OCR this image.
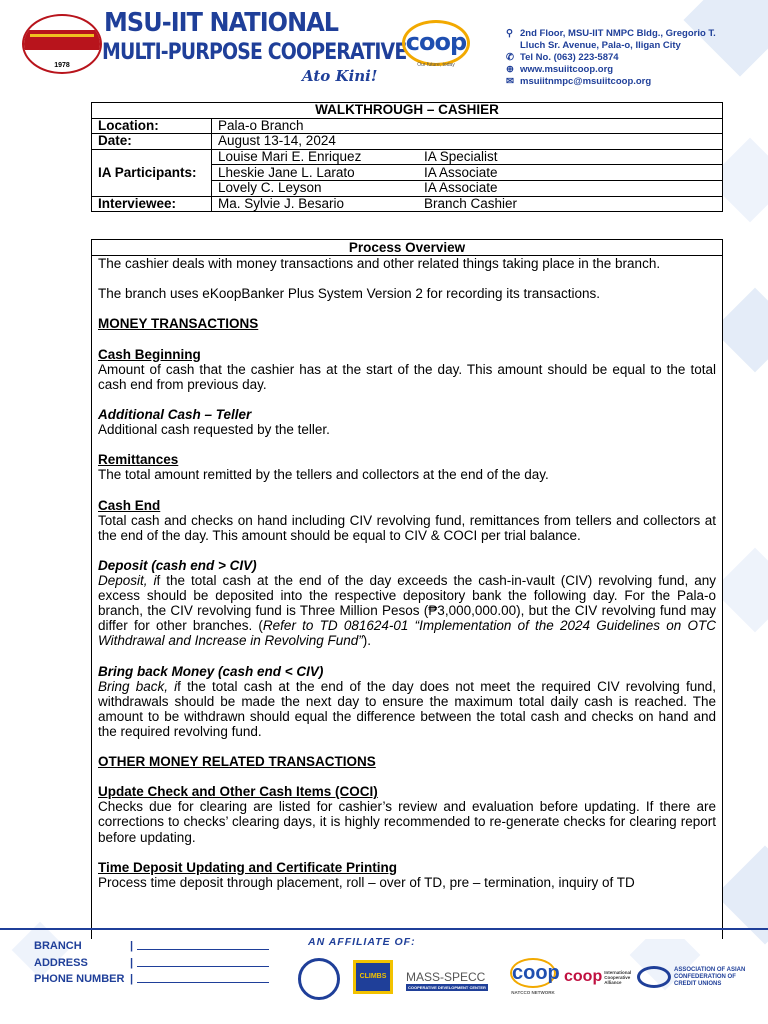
1978
MSU-IIT NATIONAL
MULTI-PURPOSE COOPERATIVE
Ato Kini!
coop
Our future, today
⚲ 2nd Floor, MSU-IIT NMPC Bldg., Gregorio T.
Lluch Sr. Avenue, Pala-o, Iligan City
✆ Tel No. (063) 223-5874
⊕ www.msuiitcoop.org
✉ msuiitnmpc@msuiitcoop.org
WALKTHROUGH – CASHIER	
Location:	Pala-o Branch
Date:	August 13-14, 2024
IA Participants:	Louise Mari E. Enriquez IA Specialist

	Lheskie Jane L. Larato IA Associate

	Lovely C. Leyson IA Associate

Interviewee:	Ma. Sylvie J. Besario Branch Cashier
Process Overview

The cashier deals with money transactions and other related things taking place in the branch.

The branch uses eKoopBanker Plus System Version 2 for recording its transactions.

MONEY TRANSACTIONS

Cash Beginning

Amount of cash that the cashier has at the start of the day. This amount should be equal to the total cash end from previous day.

Additional Cash – Teller

Additional cash requested by the teller.

Remittances

The total amount remitted by the tellers and collectors at the end of the day.

Cash End

Total cash and checks on hand including CIV revolving fund, remittances from tellers and collectors at the end of the day. This amount should be equal to CIV & COCI per trial balance.

Deposit (cash end > CIV)

Deposit, if the total cash at the end of the day exceeds the cash-in-vault (CIV) revolving fund, any excess should be deposited into the respective depository bank the following day. For the Pala-o branch, the CIV revolving fund is Three Million Pesos (₱3,000,000.00), but the CIV revolving fund may differ for other branches. (Refer to TD 081624-01 “Implementation of the 2024 Guidelines on OTC Withdrawal and Increase in Revolving Fund”).

Bring back Money (cash end < CIV)

Bring back, if the total cash at the end of the day does not meet the required CIV revolving fund, withdrawals should be made the next day to ensure the maximum total daily cash is reached. The amount to be withdrawn should equal the difference between the total cash and checks on hand and the required revolving fund.

OTHER MONEY RELATED TRANSACTIONS

Update Check and Other Cash Items (COCI)

Checks due for clearing are listed for cashier’s review and evaluation before updating. If there are corrections to checks’ clearing days, it is highly recommended to re-generate checks for clearing report before updating.

Time Deposit Updating and Certificate Printing

Process time deposit through placement, roll – over of TD, pre – termination, inquiry of TD

BRANCH	|
ADDRESS	|
PHONE NUMBER |
AN AFFILIATE OF:
CLIMBS	MASS-SPECC
COOPERATIVE DEVELOPMENT CENTER
coop
NATCCO NETWORK
coop International Cooperative Alliance
ASSOCIATION OF ASIAN CONFEDERATION OF CREDIT UNIONS
